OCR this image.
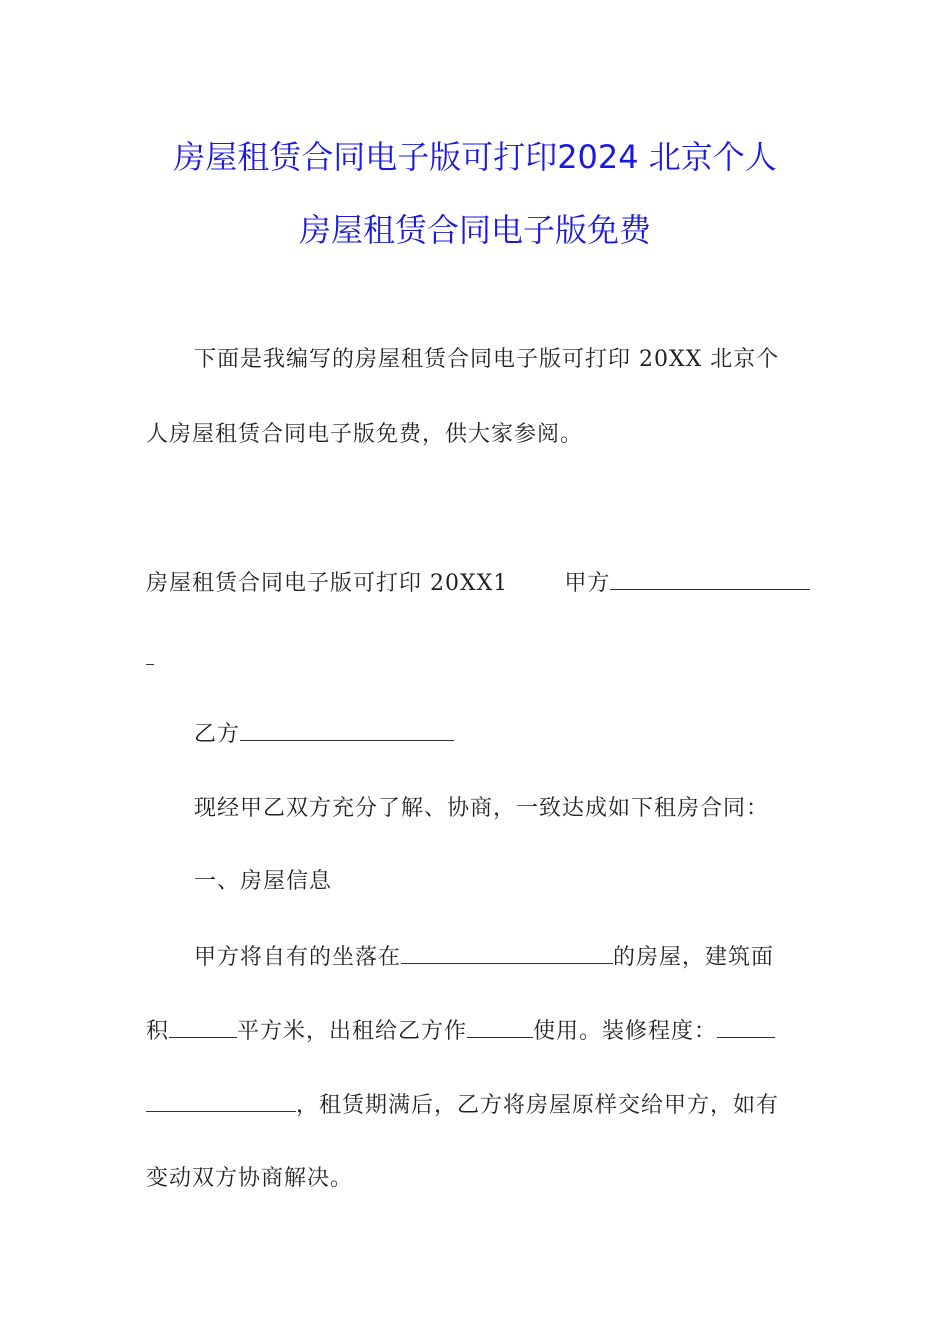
房屋租赁合同电子版可打印2024 北京个人
房屋租赁合同电子版免费
下面是我编写的房屋租赁合同电子版可打印 20XX 北京个
人房屋租赁合同电子版免费，供大家参阅。
房屋租赁合同电子版可打印 20XX1	甲方
乙方
现经甲乙双方充分了解、协商，一致达成如下租房合同：
一、房屋信息
甲方将自有的坐落在	的房屋，建筑面
积	平方米，出租给乙方作	使用。装修程度：
，租赁期满后，乙方将房屋原样交给甲方，如有
变动双方协商解决。
